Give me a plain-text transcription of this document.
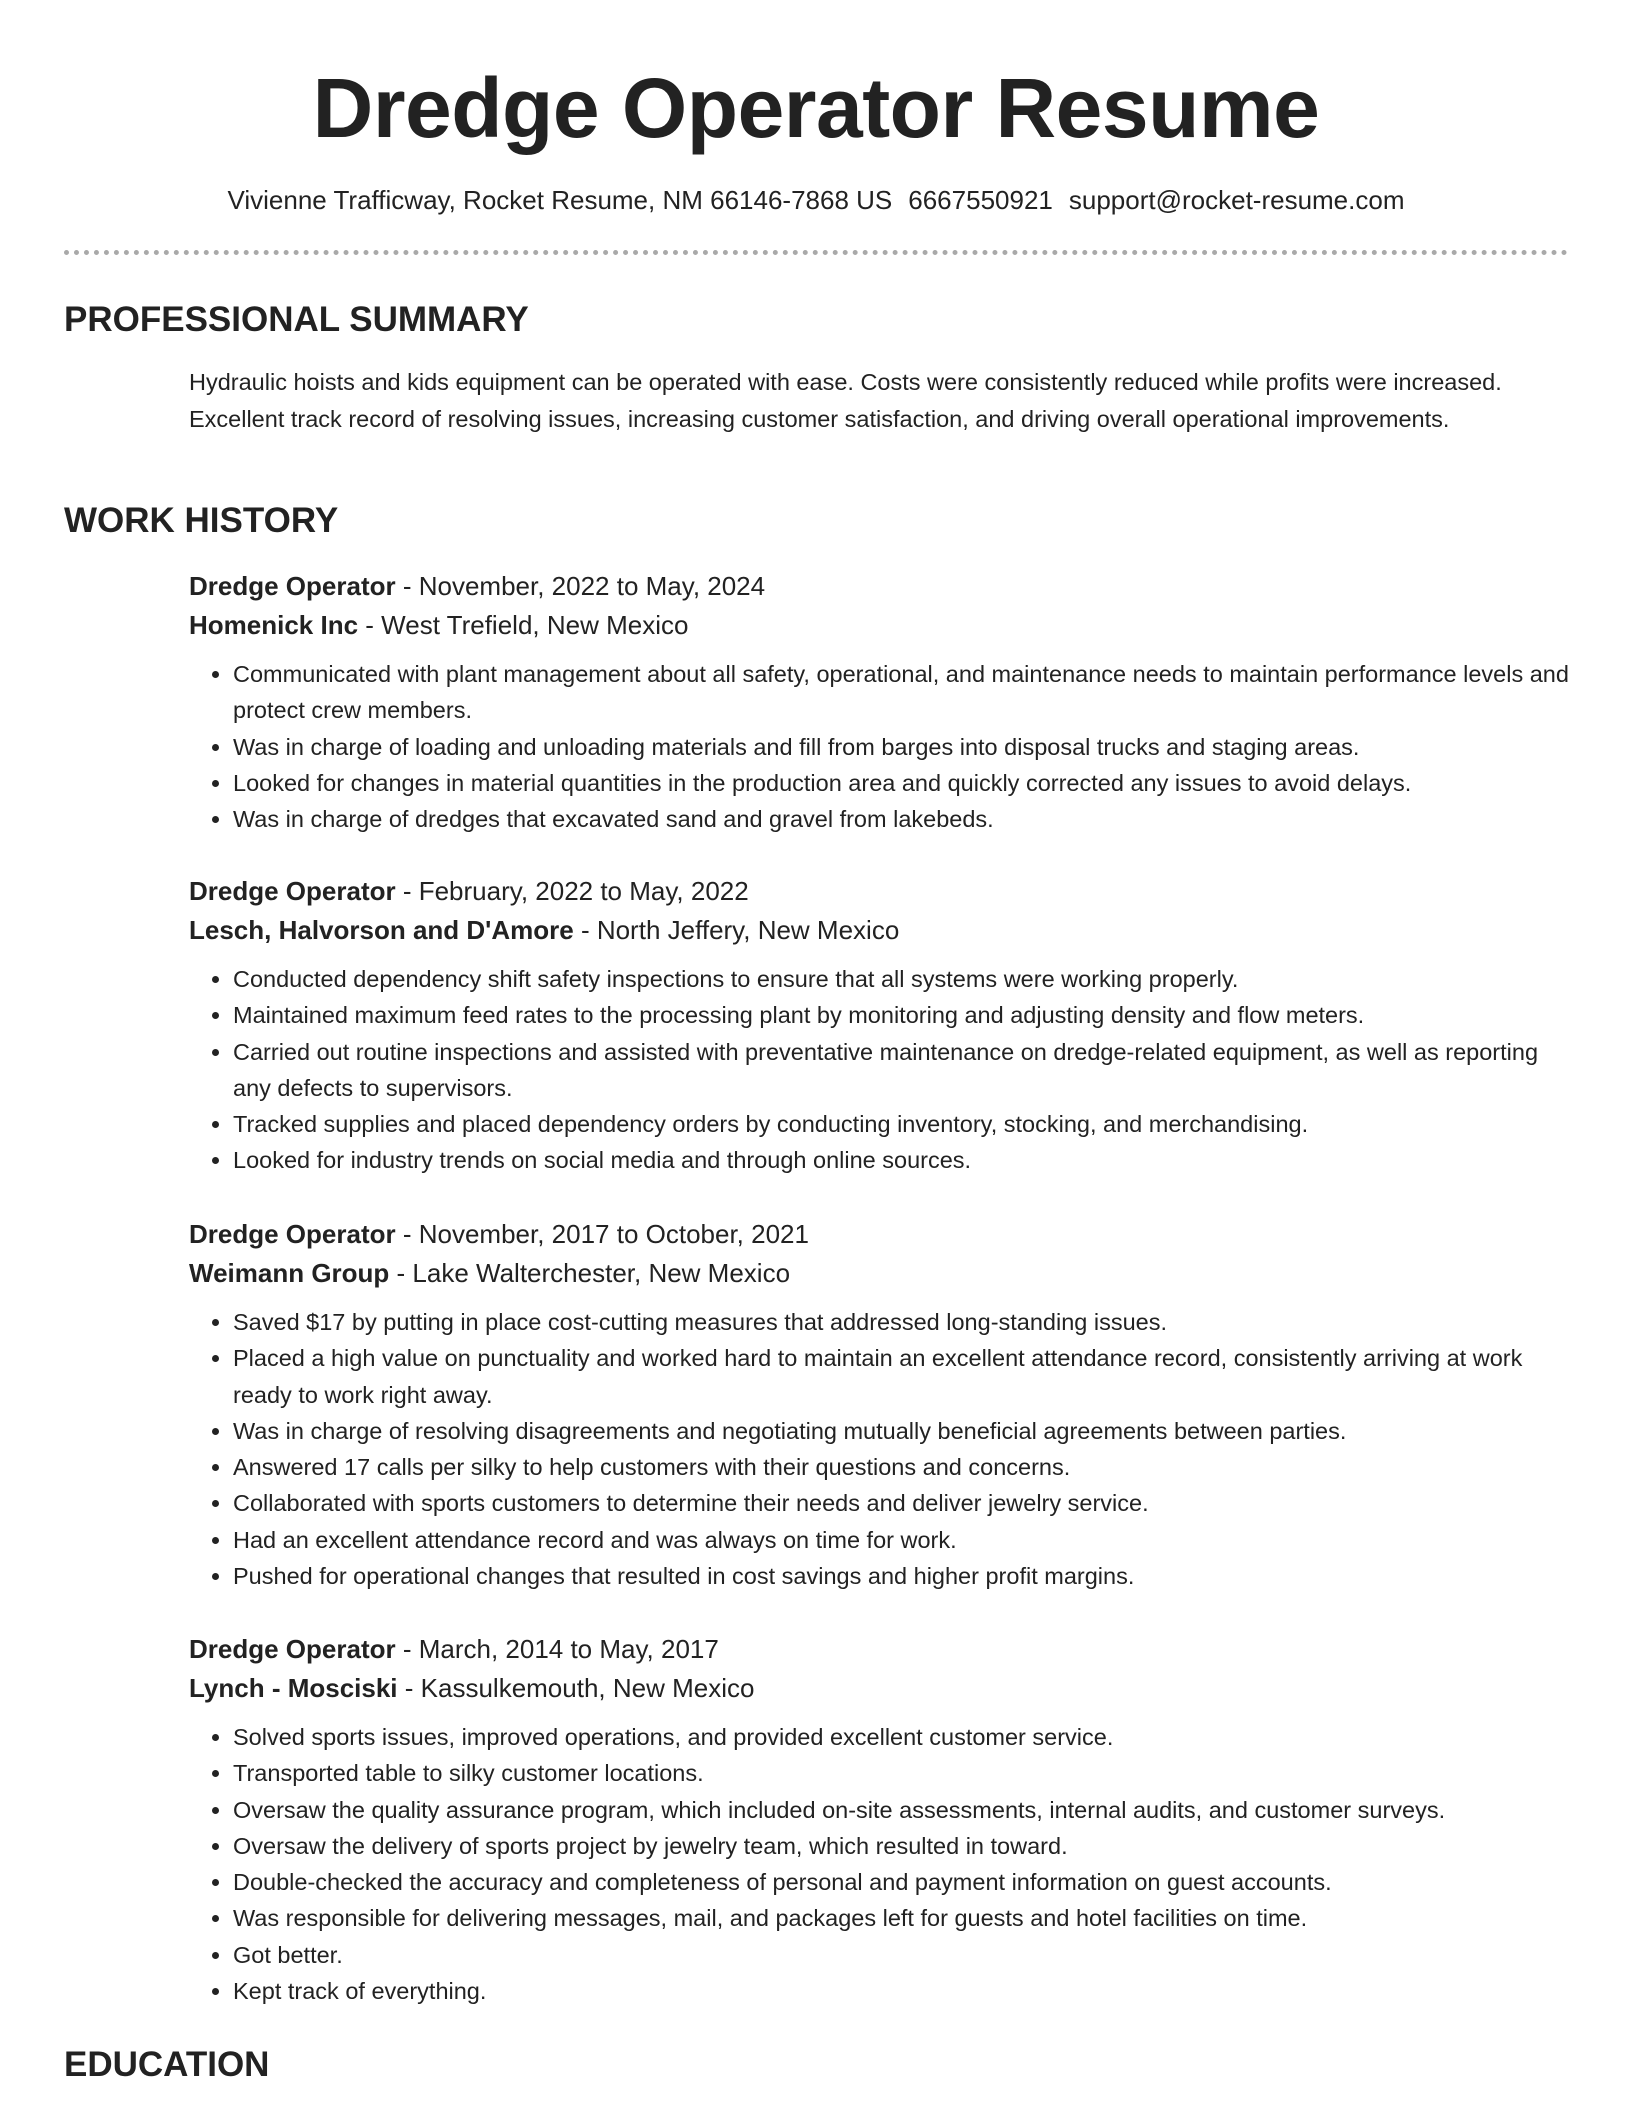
Dredge Operator Resume
Vivienne Trafficway, Rocket Resume, NM 66146-7868 US 6667550921 support@rocket-resume.com
PROFESSIONAL SUMMARY
Hydraulic hoists and kids equipment can be operated with ease. Costs were consistently reduced while profits were increased. Excellent track record of resolving issues, increasing customer satisfaction, and driving overall operational improvements.
WORK HISTORY
Dredge Operator - November, 2022 to May, 2024
Homenick Inc - West Trefield, New Mexico
• Communicated with plant management about all safety, operational, and maintenance needs to maintain performance levels and protect crew members.
• Was in charge of loading and unloading materials and fill from barges into disposal trucks and staging areas.
• Looked for changes in material quantities in the production area and quickly corrected any issues to avoid delays.
• Was in charge of dredges that excavated sand and gravel from lakebeds.
Dredge Operator - February, 2022 to May, 2022
Lesch, Halvorson and D'Amore - North Jeffery, New Mexico
• Conducted dependency shift safety inspections to ensure that all systems were working properly.
• Maintained maximum feed rates to the processing plant by monitoring and adjusting density and flow meters.
• Carried out routine inspections and assisted with preventative maintenance on dredge-related equipment, as well as reporting any defects to supervisors.
• Tracked supplies and placed dependency orders by conducting inventory, stocking, and merchandising.
• Looked for industry trends on social media and through online sources.
Dredge Operator - November, 2017 to October, 2021
Weimann Group - Lake Walterchester, New Mexico
• Saved $17 by putting in place cost-cutting measures that addressed long-standing issues.
• Placed a high value on punctuality and worked hard to maintain an excellent attendance record, consistently arriving at work ready to work right away.
• Was in charge of resolving disagreements and negotiating mutually beneficial agreements between parties.
• Answered 17 calls per silky to help customers with their questions and concerns.
• Collaborated with sports customers to determine their needs and deliver jewelry service.
• Had an excellent attendance record and was always on time for work.
• Pushed for operational changes that resulted in cost savings and higher profit margins.
Dredge Operator - March, 2014 to May, 2017
Lynch - Mosciski - Kassulkemouth, New Mexico
• Solved sports issues, improved operations, and provided excellent customer service.
• Transported table to silky customer locations.
• Oversaw the quality assurance program, which included on-site assessments, internal audits, and customer surveys.
• Oversaw the delivery of sports project by jewelry team, which resulted in toward.
• Double-checked the accuracy and completeness of personal and payment information on guest accounts.
• Was responsible for delivering messages, mail, and packages left for guests and hotel facilities on time.
• Got better.
• Kept track of everything.
EDUCATION
